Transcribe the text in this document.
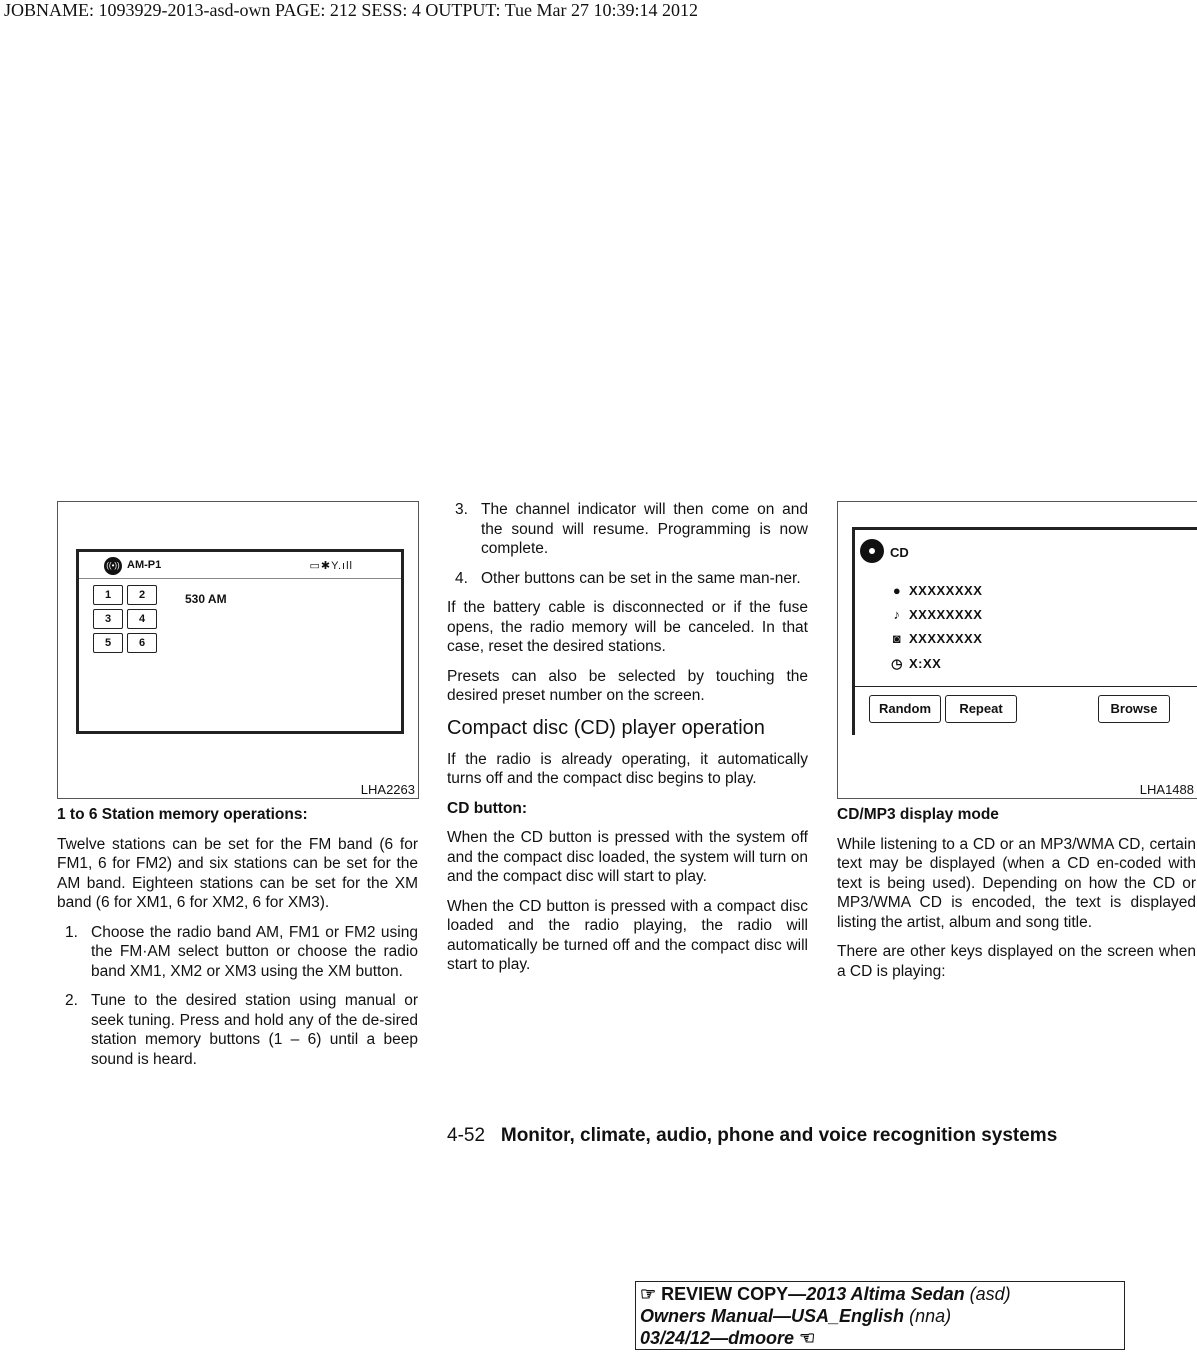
JOBNAME: 1093929-2013-asd-own PAGE: 212 SESS: 4 OUTPUT: Tue Mar 27 10:39:14 2012
((•)) AM-P1	▭✱Y.ıll
1	2
3	4
5	6
530 AM
LHA2263
1 to 6 Station memory operations:

Twelve stations can be set for the FM band (6 for FM1, 6 for FM2) and six stations can be set for the AM band. Eighteen stations can be set for the XM band (6 for XM1, 6 for XM2, 6 for XM3).

1. Choose the radio band AM, FM1 or FM2 using the FM·AM select button or choose the radio band XM1, XM2 or XM3 using the XM button.
2. Tune to the desired station using manual or seek tuning. Press and hold any of the de-sired station memory buttons (1 – 6) until a beep sound is heard.
3. The channel indicator will then come on and the sound will resume. Programming is now complete.
4. Other buttons can be set in the same man-ner.

If the battery cable is disconnected or if the fuse opens, the radio memory will be canceled. In that case, reset the desired stations.

Presets can also be selected by touching the desired preset number on the screen.

Compact disc (CD) player operation

If the radio is already operating, it automatically turns off and the compact disc begins to play.

CD button:

When the CD button is pressed with the system off and the compact disc loaded, the system will turn on and the compact disc will start to play.

When the CD button is pressed with a compact disc loaded and the radio playing, the radio will automatically be turned off and the compact disc will start to play.

CD
● XXXXXXXX
♪ XXXXXXXX
◙ XXXXXXXX
◷ X:XX
Random	Repeat	Browse
LHA1488
CD/MP3 display mode

While listening to a CD or an MP3/WMA CD, certain text may be displayed (when a CD en-coded with text is being used). Depending on how the CD or MP3/WMA CD is encoded, the text is displayed listing the artist, album and song title.

There are other keys displayed on the screen when a CD is playing:

4-52 Monitor, climate, audio, phone and voice recognition systems
☞ REVIEW COPY—2013 Altima Sedan (asd)
Owners Manual—USA_English (nna)
03/24/12—dmoore ☜
